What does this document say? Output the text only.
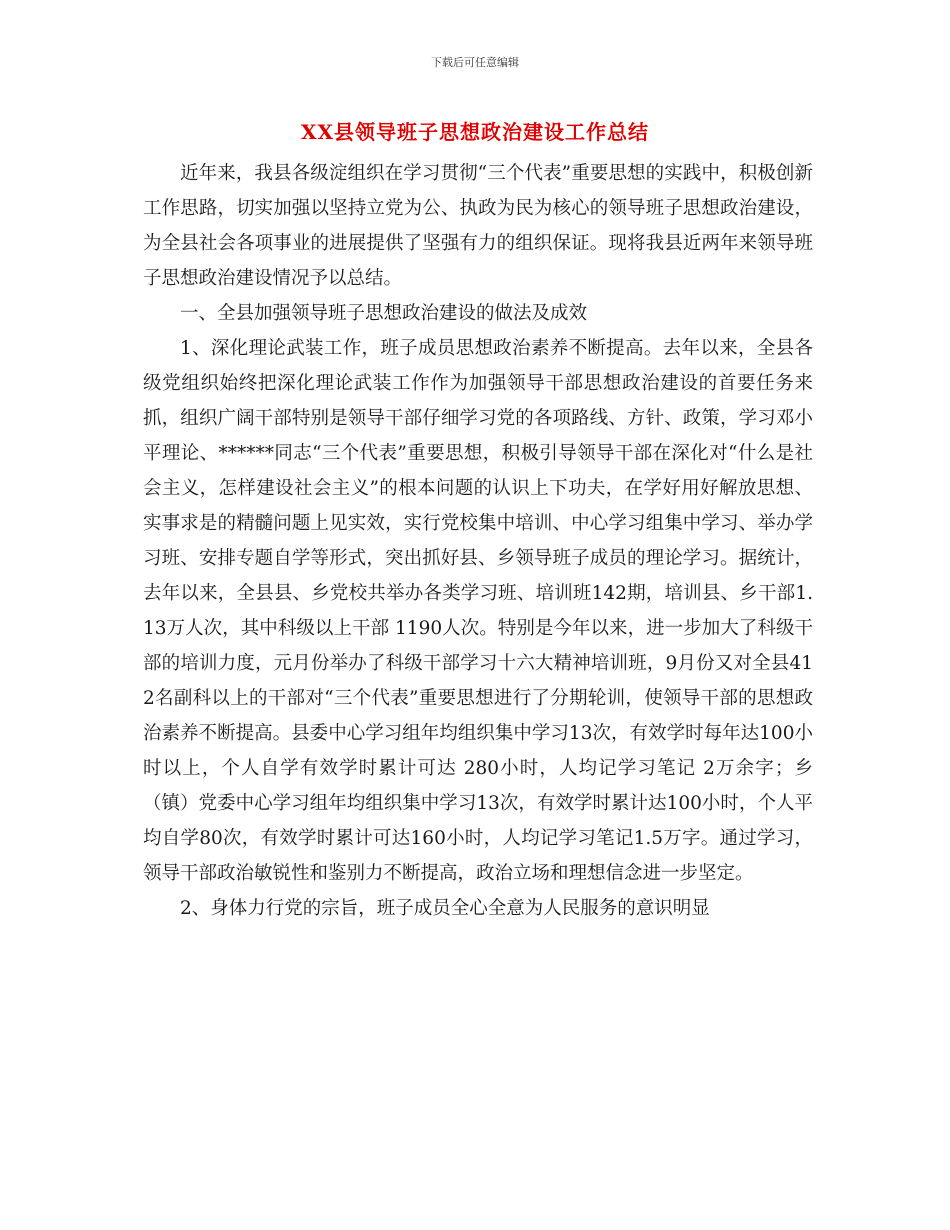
下载后可任意编辑
XX县领导班子思想政治建设工作总结

近年来，我县各级淀组织在学习贯彻“三个代表”重要思想的实践中，积极创新工作思路，切实加强以坚持立党为公、执政为民为核心的领导班子思想政治建设，为全县社会各项事业的进展提供了坚强有力的组织保证。现将我县近两年来领导班子思想政治建设情况予以总结。

一、全县加强领导班子思想政治建设的做法及成效

1、深化理论武装工作，班子成员思想政治素养不断提高。去年以来，全县各级党组织始终把深化理论武装工作作为加强领导干部思想政治建设的首要任务来抓，组织广阔干部特别是领导干部仔细学习党的各项路线、方针、政策，学习邓小平理论、******同志“三个代表”重要思想，积极引导领导干部在深化对“什么是社会主义，怎样建设社会主义”的根本问题的认识上下功夫，在学好用好解放思想、实事求是的精髓问题上见实效，实行党校集中培训、中心学习组集中学习、举办学习班、安排专题自学等形式，突出抓好县、乡领导班子成员的理论学习。据统计，去年以来，全县县、乡党校共举办各类学习班、培训班142期，培训县、乡干部1.13万人次，其中科级以上干部 1190人次。特别是今年以来，进一步加大了科级干部的培训力度，元月份举办了科级干部学习十六大精神培训班，9月份又对全县412名副科以上的干部对“三个代表”重要思想进行了分期轮训，使领导干部的思想政治素养不断提高。县委中心学习组年均组织集中学习13次，有效学时每年达100小时以上，个人自学有效学时累计可达 280小时，人均记学习笔记 2万余字；乡（镇）党委中心学习组年均组织集中学习13次，有效学时累计达100小时，个人平均自学80次，有效学时累计可达160小时，人均记学习笔记1.5万字。通过学习，领导干部政治敏锐性和鉴别力不断提高，政治立场和理想信念进一步坚定。

2、身体力行党的宗旨，班子成员全心全意为人民服务的意识明显
